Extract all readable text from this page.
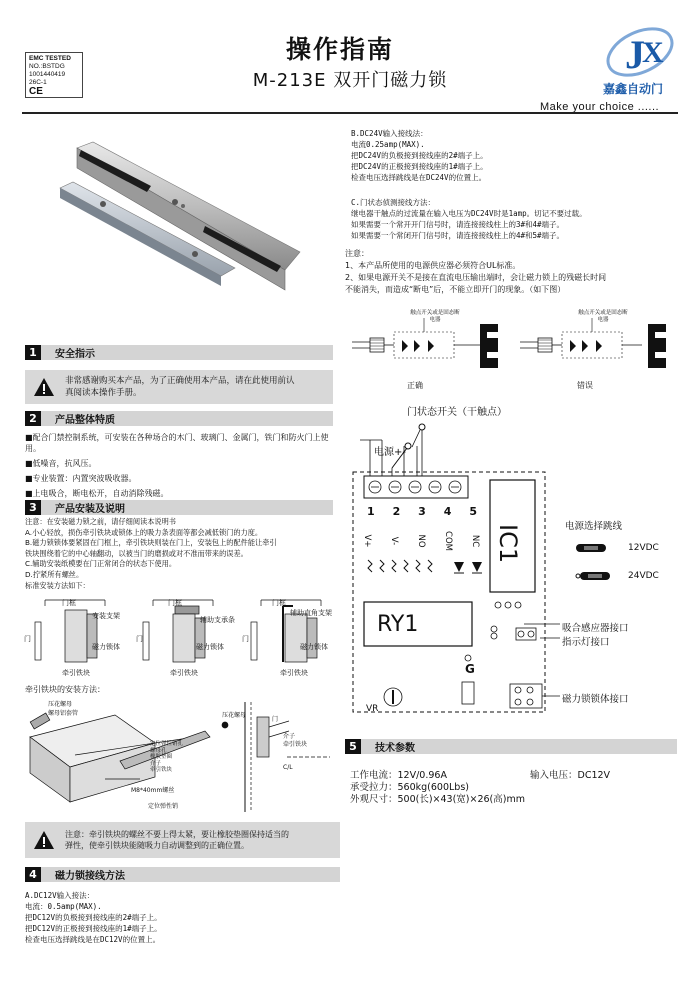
EMC TESTED
NO.:BSTDG
1001440419
26C-1
CE
操作指南
M-213E 双开门磁力锁
J
X
嘉鑫自动门
Make your choice ......
B.DC24V输入接线法：
电流0.25amp(MAX).
把DC24V的负极接到接线座的2#端子上。
把DC24V的正极接到接线座的1#端子上。
检查电压选择跳线是在DC24V的位置上。
C.门状态侦测接线方法：
继电器干触点的过流量在输入电压为DC24V时是1amp。切记不要过载。
如果需要一个常开开门信号时，请连接接线柱上的3#和4#端子。
如果需要一个常闭开门信号时，请连接接线柱上的4#和5#端子。
注意：
1、本产品所使用的电源供应器必须符合UL标准。
2、如果电源开关不是接在直流电压输出端时，会让磁力锁上的残磁长时间
不能消失，而造成“断电”后，不能立即开门的现象。（如下图）
触点开关或是固态断电器
触点开关或是固态断电器
正确	错误
门状态开关（干触点）
电源+-
1 2 3 4 5
V+ V- NO COM NC IC1
RY1
G
VR
电源选择跳线
12VDC
24VDC
吸合感应器接口
指示灯接口
磁力锁锁体接口
1	安全指示
非常感谢购买本产品，为了正确使用本产品，请在此使用前认
真阅读本操作手册。
2	产品整体特质
■配合门禁控制系统，可安装在各种场合的木门、玻璃门、金属门，铁门和防火门上使用。
■低噪音，抗风压。
■专业装置：内置突波吸收器。
■上电吸合，断电松开，自动消除残磁。
3	产品安装及说明
注意：在安装磁力锁之前，请仔细阅读本说明书
A.小心轻放，损伤牵引铁块或锁体上的吸力条表面等都会减低锁门的力度。
B.磁力锁锁体要紧固在门框上，牵引铁块则装在门上，安装包上的配件能让牵引
铁块围绕着它的中心轴翻动，以被当门的磨损或对不准而带来的误差。
C.辅助安装纸模要在门正常闭合的状态下使用。
D.拧紧所有螺丝。
标准安装方法如下：
门框
安装支架
门
磁力锁体
牵引铁块
门框
辅助支承条
门
磁力锁体
牵引铁块
门框
辅助直角支架
门
磁力锁体
牵引铁块
牵引铁块的安装方法：
压花螺母
螺母铝套管
定位弹性销孔
螺母孔
橡胶垫圈
介子
牵引铁块
M8*40mm螺丝
定位弹性销
压花螺母
门
介子
牵引铁块
C/L
注意：牵引铁块的螺丝不要上得太紧，要让橡胶垫圈保持适当的
弹性，使牵引铁块能随吸力自动调整到的正确位置。
4	磁力锁接线方法
A.DC12V输入接法：
电流：0.5amp(MAX).
把DC12V的负极接到接线座的2#端子上。
把DC12V的正极接到接线座的1#端子上。
检查电压选择跳线是在DC12V的位置上。
5	技术参数
工作电流：12V/0.96A	输入电压：DC12V
承受拉力：560kg(600Lbs)
外观尺寸：500(长)×43(宽)×26(高)mm
